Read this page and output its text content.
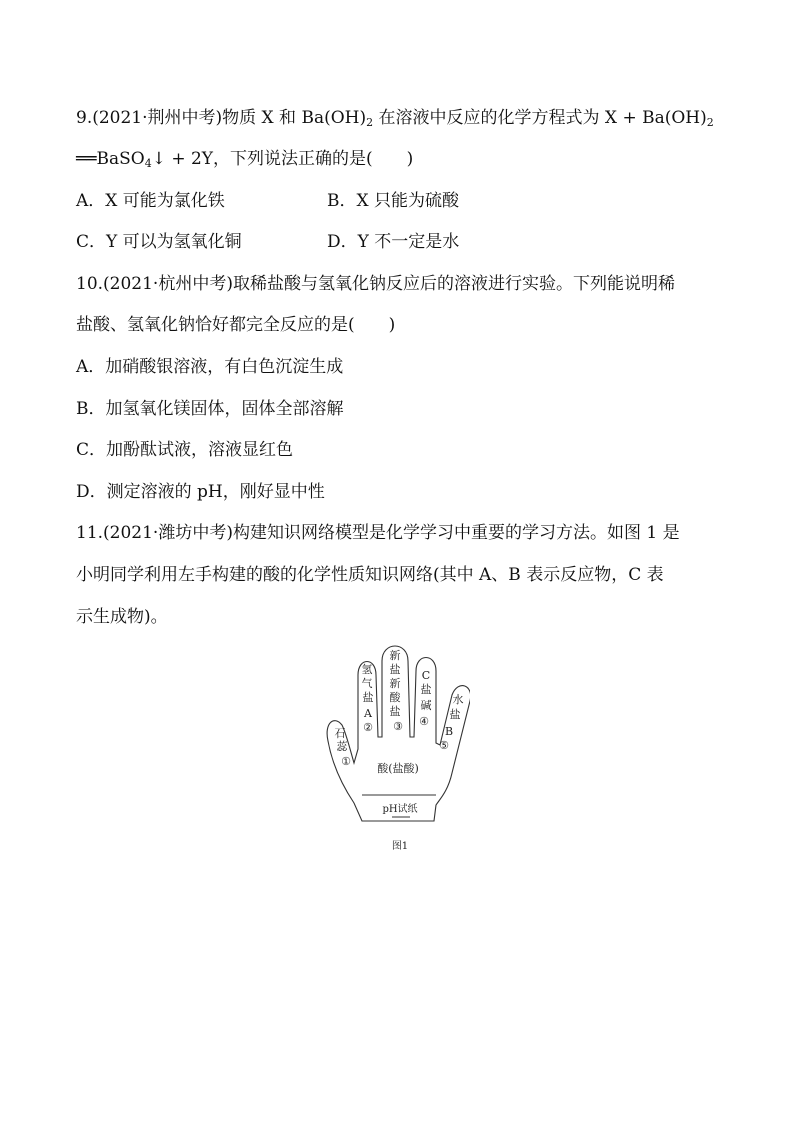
9.(2021·荆州中考)物质 X 和 $Ba(OH)_2$ 在溶液中反应的化学方程式为 $X + Ba(OH)_2$
══BaSO$_4$↓ + 2Y，下列说法正确的是(　　)
A．X 可能为氯化铁	B．X 只能为硫酸
C．Y 可以为氢氧化铜	D．Y 不一定是水
10.(2021·杭州中考)取稀盐酸与氢氧化钠反应后的溶液进行实验。下列能说明稀
盐酸、氢氧化钠恰好都完全反应的是(　　)
A．加硝酸银溶液，有白色沉淀生成
B．加氢氧化镁固体，固体全部溶解
C．加酚酞试液，溶液显红色
D．测定溶液的 pH，刚好显中性
11.(2021·潍坊中考)构建知识网络模型是化学学习中重要的学习方法。如图 1 是
小明同学利用左手构建的酸的化学性质知识网络(其中 A、B 表示反应物，C 表
示生成物)。
石
蕊
①
氢
气
盐
A
②
新
盐
新
酸
盐
③
C
盐
碱
④
水
盐
B
⑤
酸(盐酸)
pH试纸
图1
